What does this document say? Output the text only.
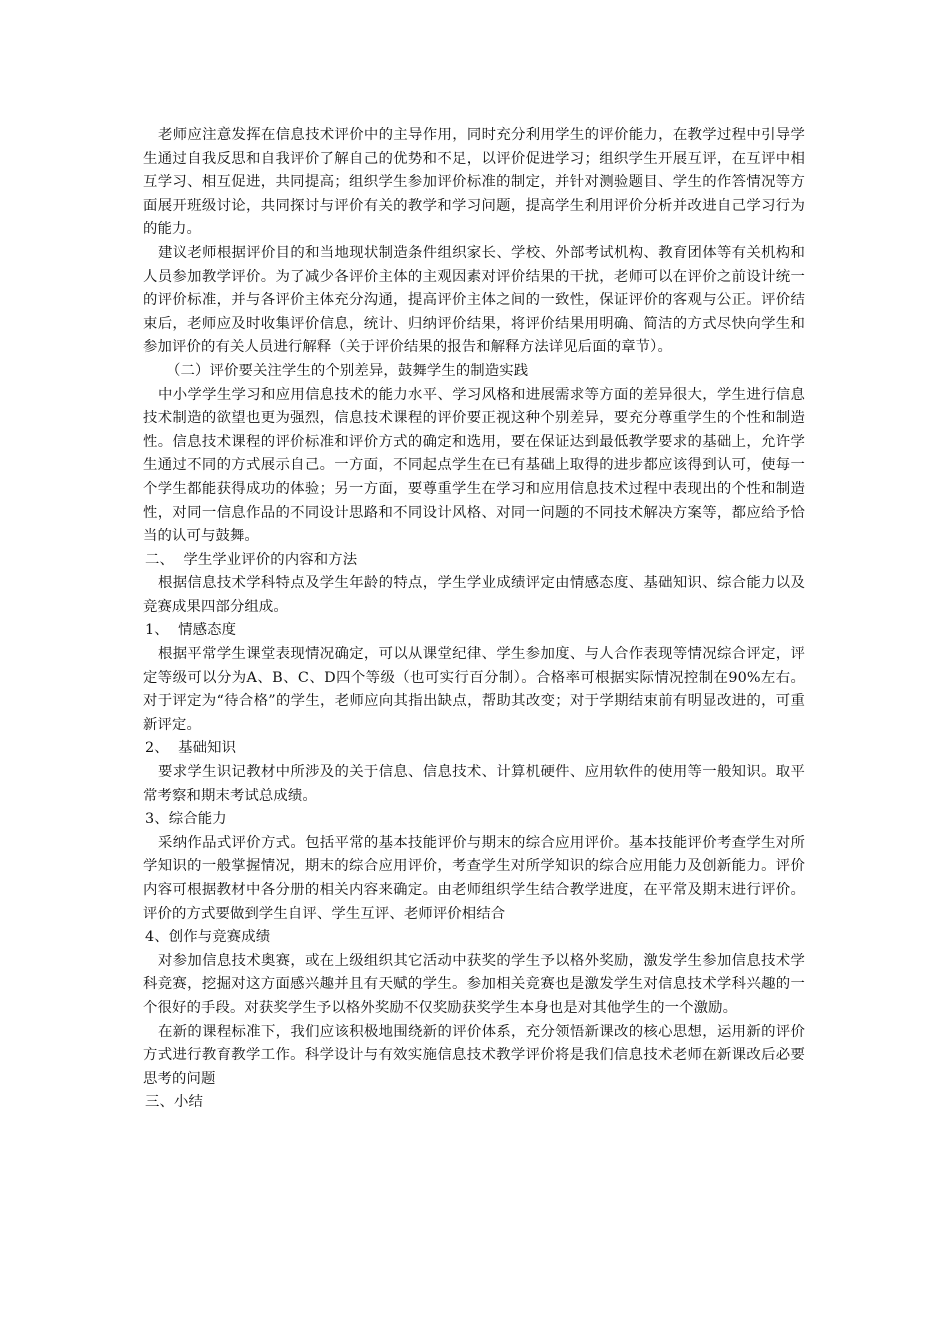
老师应注意发挥在信息技术评价中的主导作用，同时充分利用学生的评价能力，在教学过程中引导学生通过自我反思和自我评价了解自己的优势和不足，以评价促进学习；组织学生开展互评，在互评中相互学习、相互促进，共同提高；组织学生参加评价标准的制定，并针对测验题目、学生的作答情况等方面展开班级讨论，共同探讨与评价有关的教学和学习问题，提高学生利用评价分析并改进自己学习行为的能力。

建议老师根据评价目的和当地现状制造条件组织家长、学校、外部考试机构、教育团体等有关机构和人员参加教学评价。为了减少各评价主体的主观因素对评价结果的干扰，老师可以在评价之前设计统一的评价标准，并与各评价主体充分沟通，提高评价主体之间的一致性，保证评价的客观与公正。评价结束后，老师应及时收集评价信息，统计、归纳评价结果，将评价结果用明确、简洁的方式尽快向学生和参加评价的有关人员进行解释（关于评价结果的报告和解释方法详见后面的章节）。

（二）评价要关注学生的个别差异，鼓舞学生的制造实践

中小学学生学习和应用信息技术的能力水平、学习风格和进展需求等方面的差异很大，学生进行信息技术制造的欲望也更为强烈，信息技术课程的评价要正视这种个别差异，要充分尊重学生的个性和制造性。信息技术课程的评价标准和评价方式的确定和选用，要在保证达到最低教学要求的基础上，允许学生通过不同的方式展示自己。一方面，不同起点学生在已有基础上取得的进步都应该得到认可，使每一个学生都能获得成功的体验；另一方面，要尊重学生在学习和应用信息技术过程中表现出的个性和制造性，对同一信息作品的不同设计思路和不同设计风格、对同一问题的不同技术解决方案等，都应给予恰当的认可与鼓舞。

二、  学生学业评价的内容和方法

根据信息技术学科特点及学生年龄的特点，学生学业成绩评定由情感态度、基础知识、综合能力以及竞赛成果四部分组成。

1、  情感态度

根据平常学生课堂表现情况确定，可以从课堂纪律、学生参加度、与人合作表现等情况综合评定，评定等级可以分为A、B、C、D四个等级（也可实行百分制）。合格率可根据实际情况控制在90%左右。对于评定为“待合格”的学生，老师应向其指出缺点，帮助其改变；对于学期结束前有明显改进的，可重新评定。

2、  基础知识

要求学生识记教材中所涉及的关于信息、信息技术、计算机硬件、应用软件的使用等一般知识。取平常考察和期末考试总成绩。

3、综合能力

采纳作品式评价方式。包括平常的基本技能评价与期末的综合应用评价。基本技能评价考查学生对所学知识的一般掌握情况，期末的综合应用评价，考查学生对所学知识的综合应用能力及创新能力。评价内容可根据教材中各分册的相关内容来确定。由老师组织学生结合教学进度，在平常及期末进行评价。评价的方式要做到学生自评、学生互评、老师评价相结合

4、创作与竞赛成绩

对参加信息技术奥赛，或在上级组织其它活动中获奖的学生予以格外奖励，激发学生参加信息技术学科竞赛，挖掘对这方面感兴趣并且有天赋的学生。参加相关竞赛也是激发学生对信息技术学科兴趣的一个很好的手段。对获奖学生予以格外奖励不仅奖励获奖学生本身也是对其他学生的一个激励。

在新的课程标准下，我们应该积极地围绕新的评价体系，充分领悟新课改的核心思想，运用新的评价方式进行教育教学工作。科学设计与有效实施信息技术教学评价将是我们信息技术老师在新课改后必要思考的问题

三、小结
